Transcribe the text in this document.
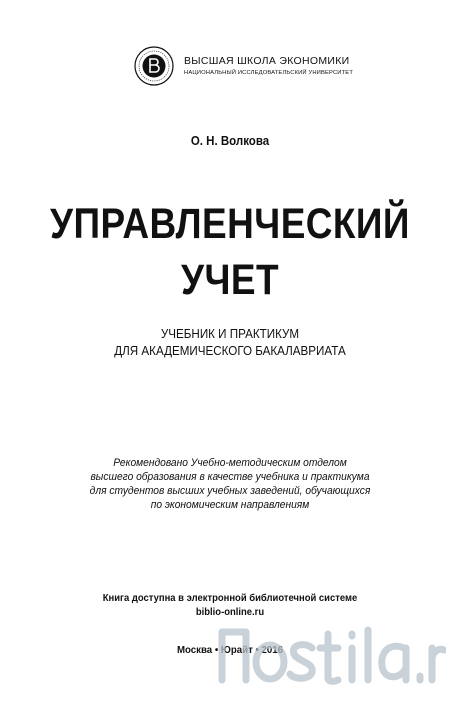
ВЫСШАЯ ШКОЛА ЭКОНОМИКИ
НАЦИОНАЛЬНЫЙ ИССЛЕДОВАТЕЛЬСКИЙ УНИВЕРСИТЕТ
О. Н. Волкова
УПРАВЛЕНЧЕСКИЙ
УЧЕТ
УЧЕБНИК И ПРАКТИКУМ
ДЛЯ АКАДЕМИЧЕСКОГО БАКАЛАВРИАТА
Рекомендовано Учебно-методическим отделом
высшего образования в качестве учебника и практикума
для студентов высших учебных заведений, обучающихся
по экономическим направлениям
Книга доступна в электронной библиотечной системе
biblio-online.ru
Москва • Юрайт • 2016
